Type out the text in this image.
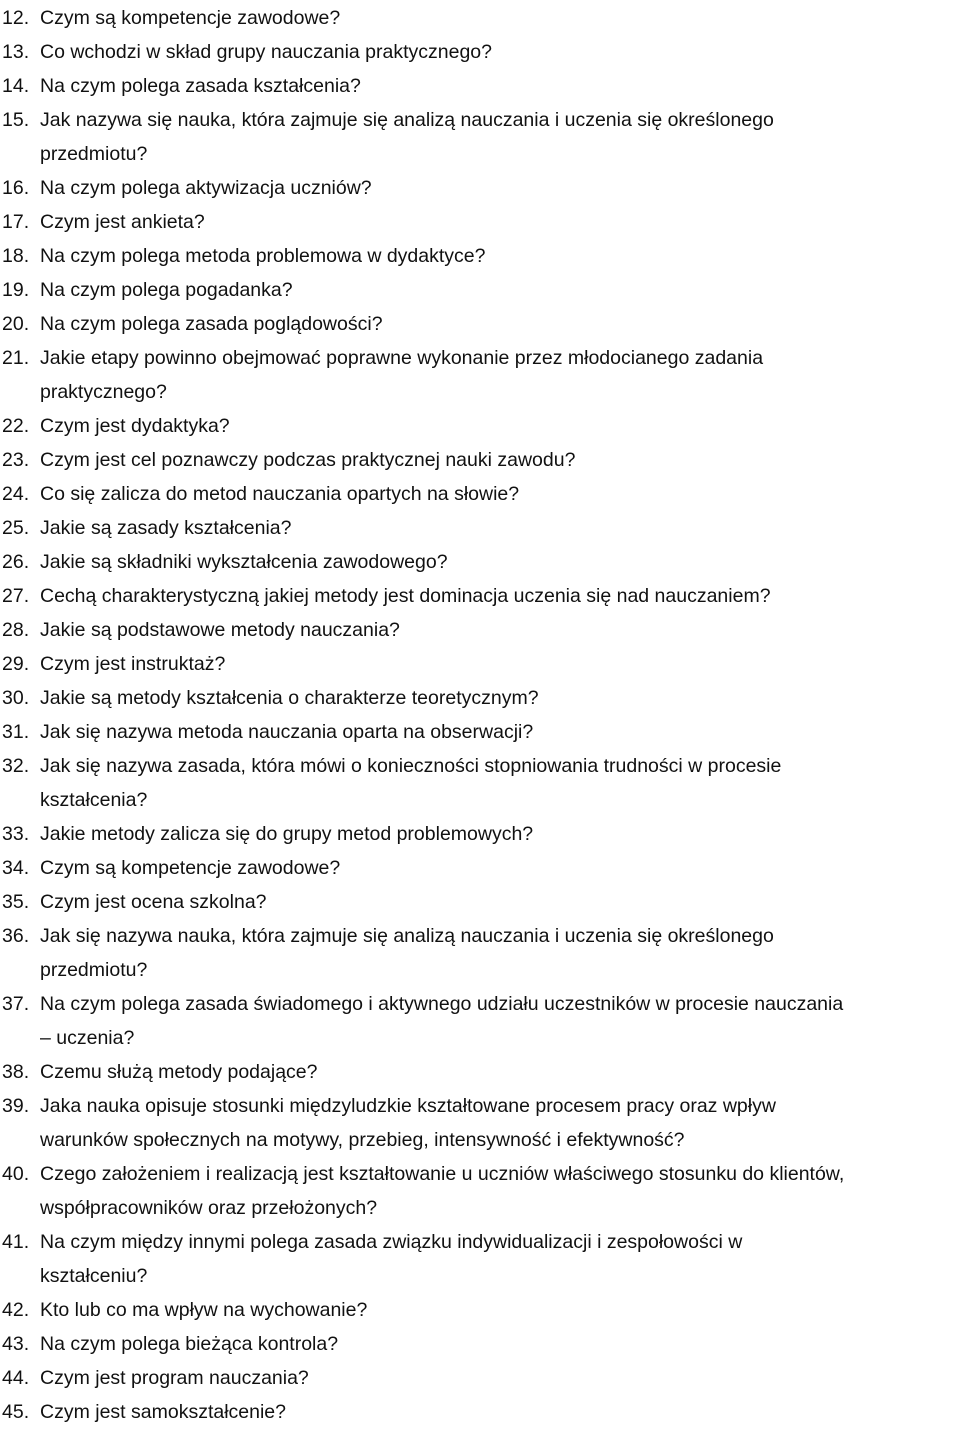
12. Czym są kompetencje zawodowe?
13. Co wchodzi w skład grupy nauczania praktycznego?
14. Na czym polega zasada kształcenia?
15. Jak nazywa się nauka, która zajmuje się analizą nauczania i uczenia się określonego
przedmiotu?
16. Na czym polega aktywizacja uczniów?
17. Czym jest ankieta?
18. Na czym polega metoda problemowa w dydaktyce?
19. Na czym polega pogadanka?
20. Na czym polega zasada poglądowości?
21. Jakie etapy powinno obejmować poprawne wykonanie przez młodocianego zadania
praktycznego?
22. Czym jest dydaktyka?
23. Czym jest cel poznawczy podczas praktycznej nauki zawodu?
24. Co się zalicza do metod nauczania opartych na słowie?
25. Jakie są zasady kształcenia?
26. Jakie są składniki wykształcenia zawodowego?
27. Cechą charakterystyczną jakiej metody jest dominacja uczenia się nad nauczaniem?
28. Jakie są podstawowe metody nauczania?
29. Czym jest instruktaż?
30. Jakie są metody kształcenia o charakterze teoretycznym?
31. Jak się nazywa metoda nauczania oparta na obserwacji?
32. Jak się nazywa zasada, która mówi o konieczności stopniowania trudności w procesie
kształcenia?
33. Jakie metody zalicza się do grupy metod problemowych?
34. Czym są kompetencje zawodowe?
35. Czym jest ocena szkolna?
36. Jak się nazywa nauka, która zajmuje się analizą nauczania i uczenia się określonego
przedmiotu?
37. Na czym polega zasada świadomego i aktywnego udziału uczestników w procesie nauczania
– uczenia?
38. Czemu służą metody podające?
39. Jaka nauka opisuje stosunki międzyludzkie kształtowane procesem pracy oraz wpływ
warunków społecznych na motywy, przebieg, intensywność i efektywność?
40. Czego założeniem i realizacją jest kształtowanie u uczniów właściwego stosunku do klientów,
współpracowników oraz przełożonych?
41. Na czym między innymi polega zasada związku indywidualizacji i zespołowości w
kształceniu?
42. Kto lub co ma wpływ na wychowanie?
43. Na czym polega bieżąca kontrola?
44. Czym jest program nauczania?
45. Czym jest samokształcenie?
